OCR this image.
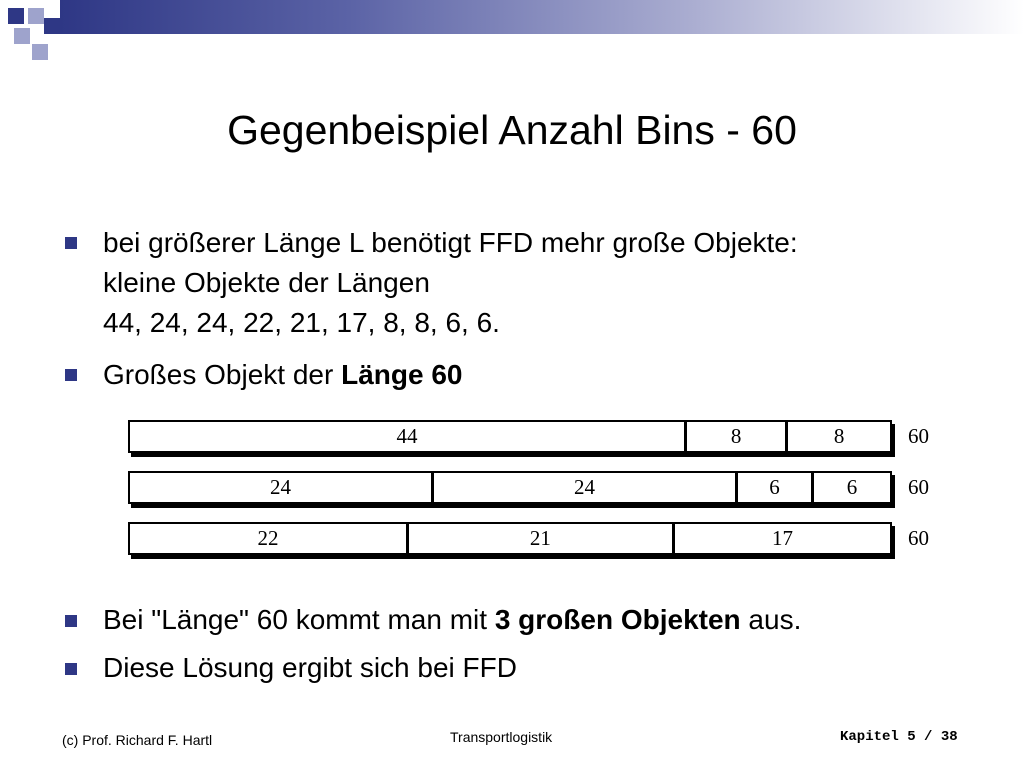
Gegenbeispiel Anzahl Bins - 60
bei größerer Länge L benötigt FFD mehr große Objekte:
kleine Objekte der Längen
44, 24, 24, 22, 21, 17, 8, 8, 6, 6.
Großes Objekt der Länge 60
44	8	8	60
24	24	6	6	60
22	21	17	60
Bei "Länge" 60 kommt man mit 3 großen Objekten aus.
Diese Lösung ergibt sich bei FFD
(c) Prof. Richard F. Hartl	Transportlogistik	Kapitel 5 / 38
